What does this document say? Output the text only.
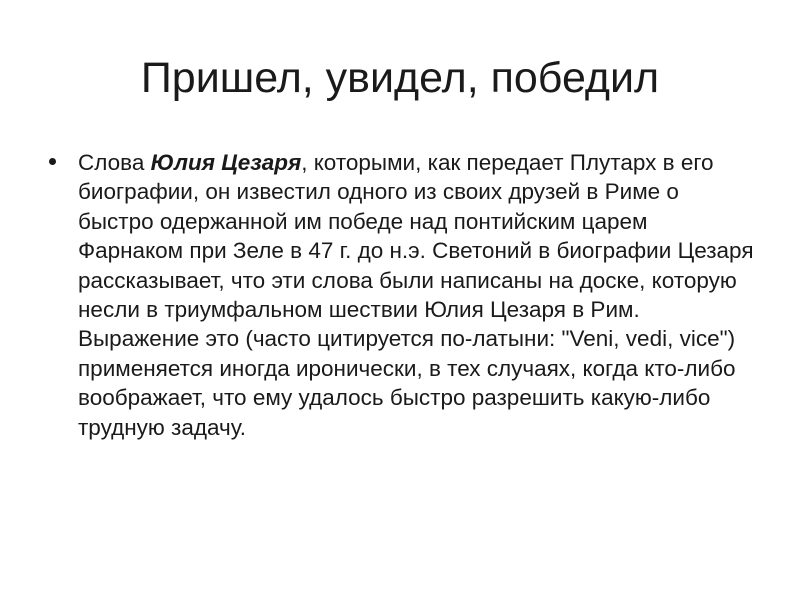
Пришел, увидел, победил
Слова Юлия Цезаря, которыми, как передает Плутарх в его биографии, он известил одного из своих друзей в Риме о быстро одержанной им победе над понтийским царем Фарнаком при Зеле в 47 г. до н.э. Светоний в биографии Цезаря рассказывает, что эти слова были написаны на доске, которую несли в триумфальном шествии Юлия Цезаря в Рим. Выражение это (часто цитируется по-латыни: "Veni, vedi, vice") применяется иногда иронически, в тех случаях, когда кто-либо воображает, что ему удалось быстро разрешить какую-либо трудную задачу.
